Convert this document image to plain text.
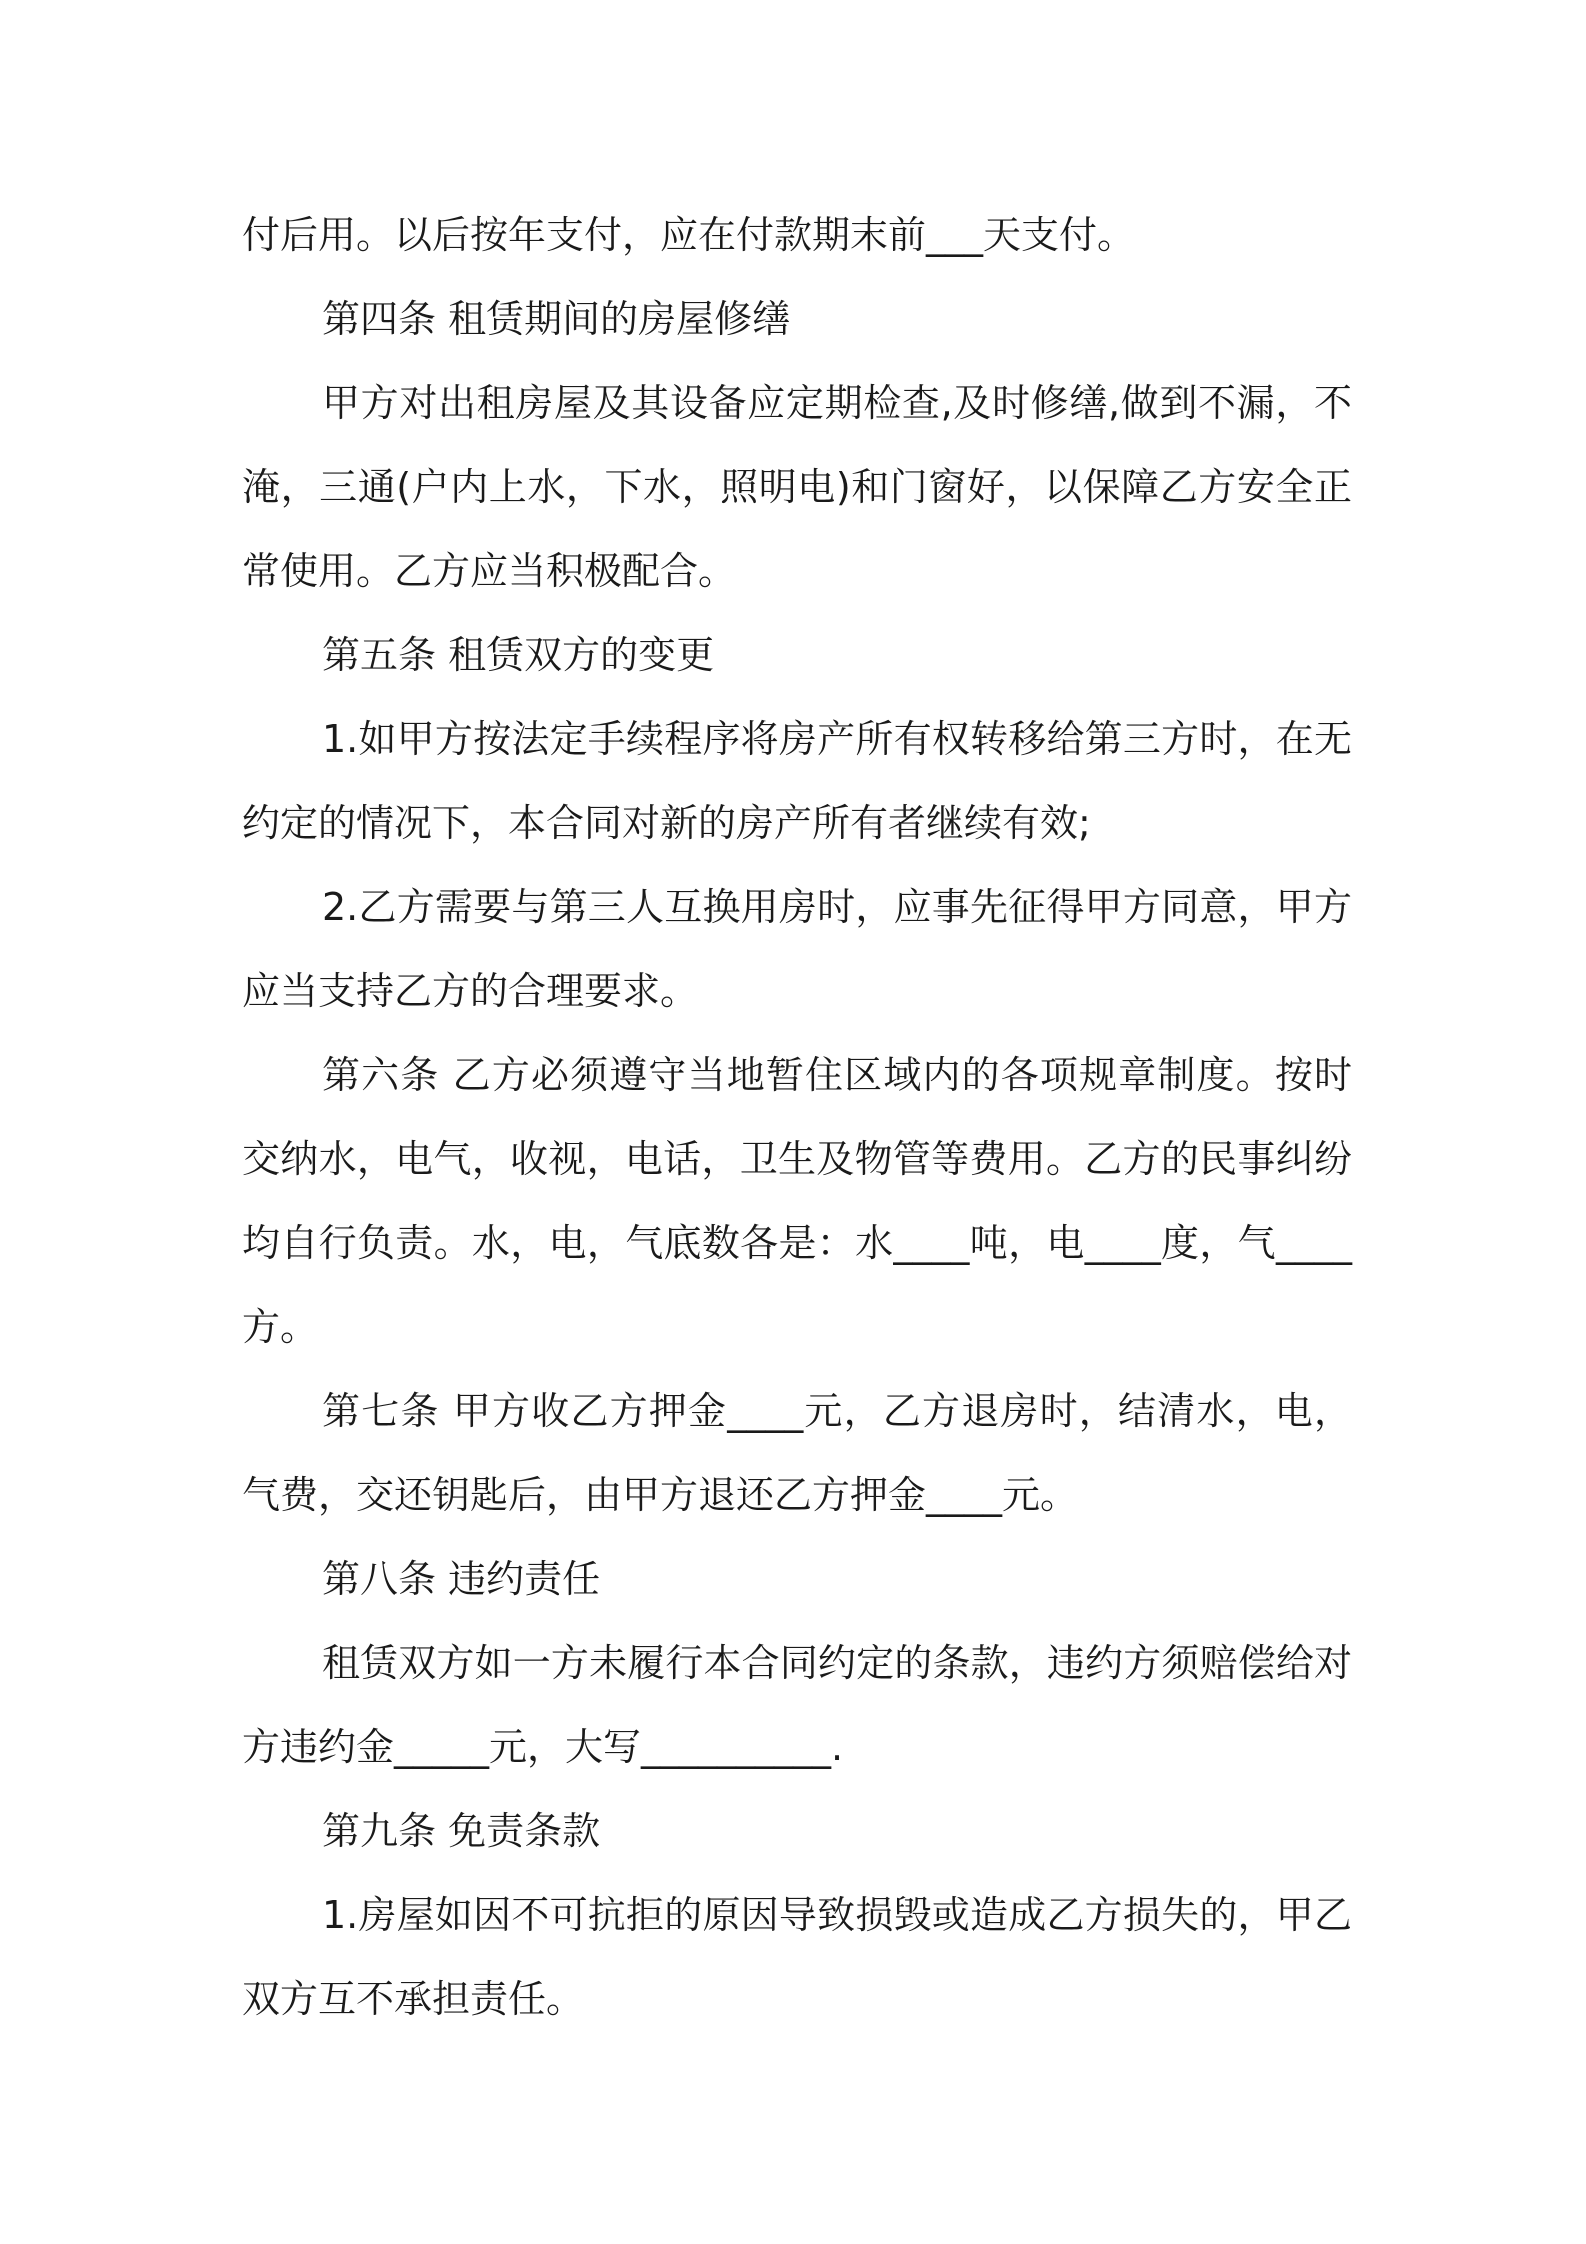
付后用。以后按年支付，应在付款期末前___天支付。

第四条 租赁期间的房屋修缮

甲方对出租房屋及其设备应定期检查,及时修缮,做到不漏，不淹，三通(户内上水，下水，照明电)和门窗好，以保障乙方安全正常使用。乙方应当积极配合。

第五条 租赁双方的变更

1.如甲方按法定手续程序将房产所有权转移给第三方时，在无约定的情况下，本合同对新的房产所有者继续有效;

2.乙方需要与第三人互换用房时，应事先征得甲方同意，甲方应当支持乙方的合理要求。

第六条 乙方必须遵守当地暂住区域内的各项规章制度。按时交纳水，电气，收视，电话，卫生及物管等费用。乙方的民事纠纷均自行负责。水，电，气底数各是：水____吨，电____度，气____方。

第七条 甲方收乙方押金____元，乙方退房时，结清水，电，气费，交还钥匙后，由甲方退还乙方押金____元。

第八条 违约责任

租赁双方如一方未履行本合同约定的条款，违约方须赔偿给对方违约金_____元，大写__________.

第九条 免责条款

1.房屋如因不可抗拒的原因导致损毁或造成乙方损失的，甲乙双方互不承担责任。
